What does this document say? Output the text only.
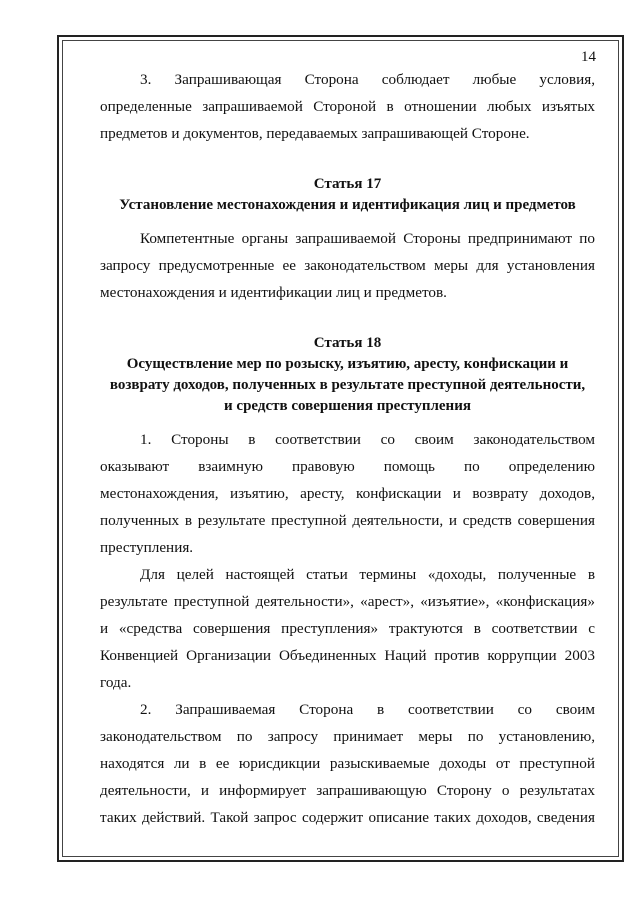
14
3. Запрашивающая Сторона соблюдает любые условия,
определенные запрашиваемой Стороной в отношении любых изъятых
предметов и документов, передаваемых запрашивающей Стороне.

Статья 17

Установление местонахождения и идентификация лиц и предметов

Компетентные органы запрашиваемой Стороны предпринимают по
запросу предусмотренные ее законодательством меры для установления
местонахождения и идентификации лиц и предметов.

Статья 18

Осуществление мер по розыску, изъятию, аресту, конфискации и

возврату доходов, полученных в результате преступной деятельности,

и средств совершения преступления

1. Стороны в соответствии со своим законодательством
оказывают взаимную правовую помощь по определению
местонахождения, изъятию, аресту, конфискации и возврату доходов,
полученных в результате преступной деятельности, и средств совершения
преступления.
Для целей настоящей статьи термины «доходы, полученные в
результате преступной деятельности», «арест», «изъятие», «конфискация»
и «средства совершения преступления» трактуются в соответствии с
Конвенцией Организации Объединенных Наций против коррупции 2003
года.
2. Запрашиваемая Сторона в соответствии со своим
законодательством по запросу принимает меры по установлению,
находятся ли в ее юрисдикции разыскиваемые доходы от преступной
деятельности, и информирует запрашивающую Сторону о результатах
таких действий. Такой запрос содержит описание таких доходов, сведения
